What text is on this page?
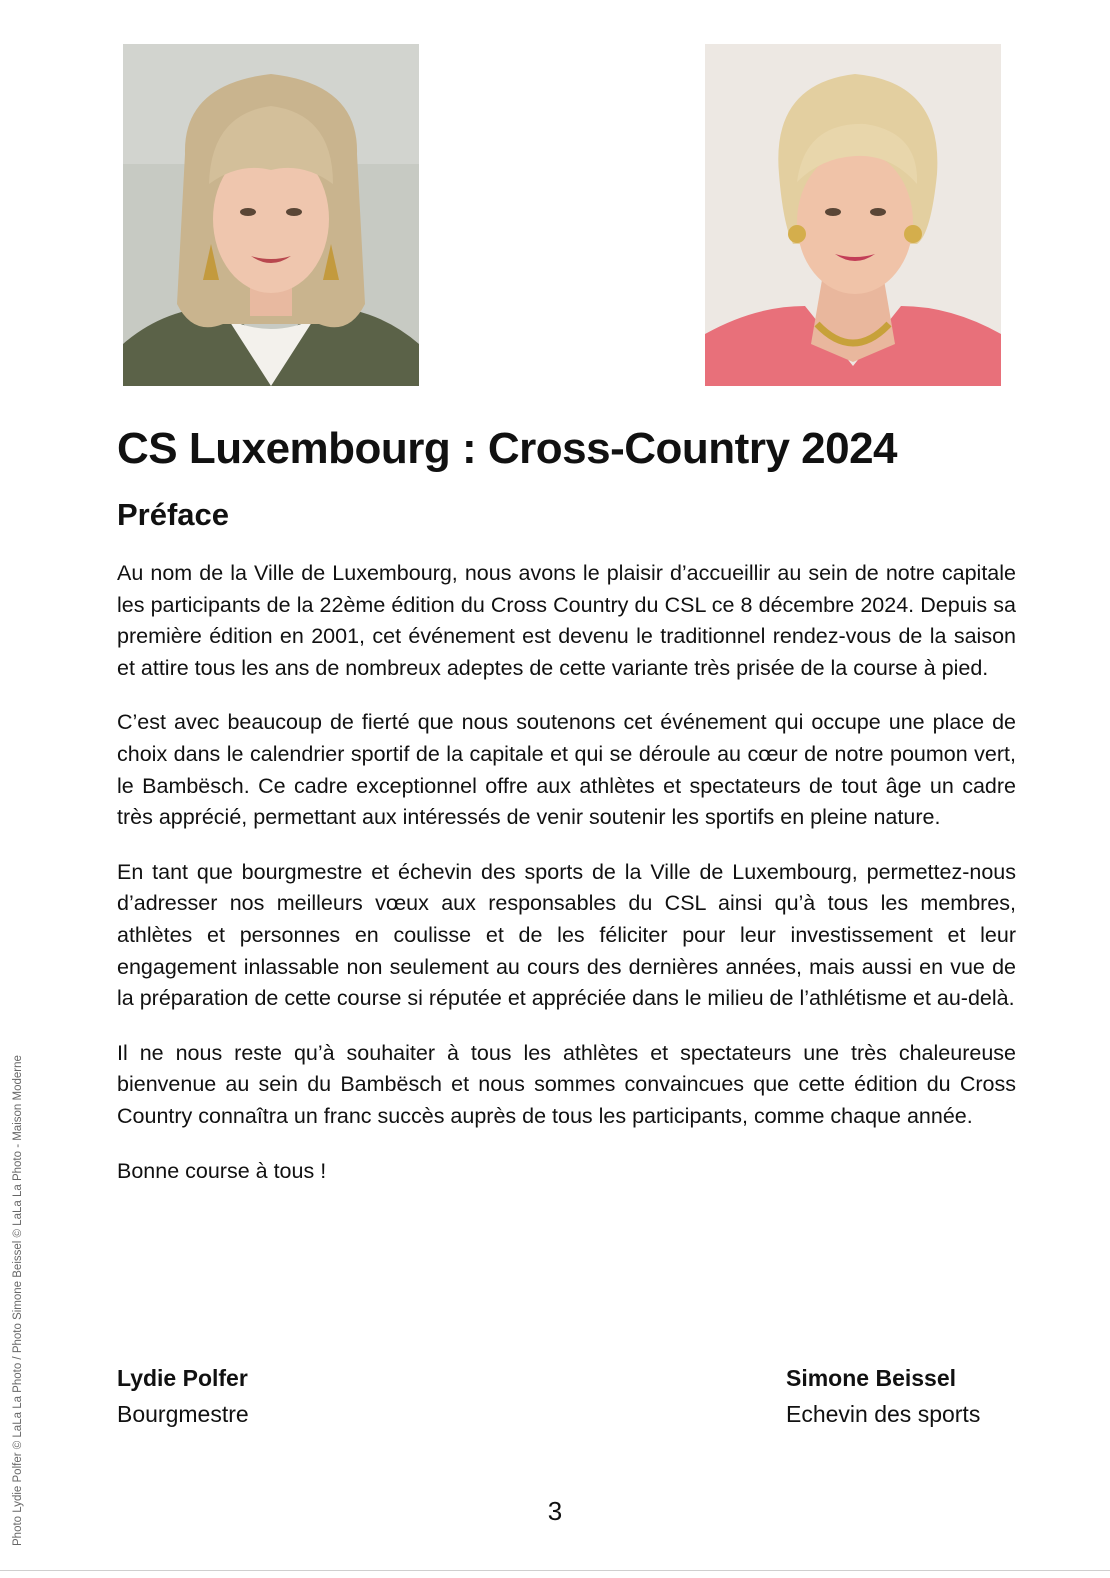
CS Luxembourg : Cross-Country 2024
Préface

Au nom de la Ville de Luxembourg, nous avons le plaisir d’accueillir au sein de notre capitale les participants de la 22ème édition du Cross Country du CSL ce 8 décembre 2024. Depuis sa première édition en 2001, cet événement est devenu le traditionnel rendez-vous de la saison et attire tous les ans de nombreux adeptes de cette variante très prisée de la course à pied.

C’est avec beaucoup de fierté que nous soutenons cet événement qui occupe une place de choix dans le calendrier sportif de la capitale et qui se déroule au cœur de notre poumon vert, le Bambësch. Ce cadre exceptionnel offre aux athlètes et spectateurs de tout âge un cadre très apprécié, permettant aux intéressés de venir soutenir les sportifs en pleine nature.

En tant que bourgmestre et échevin des sports de la Ville de Luxembourg, permettez-nous d’adresser nos meilleurs vœux aux responsables du CSL ainsi qu’à tous les membres, athlètes et personnes en coulisse et de les féliciter pour leur investissement et leur engagement inlassable non seulement au cours des dernières années, mais aussi en vue de la préparation de cette course si réputée et appréciée dans le milieu de l’athlétisme et au-delà.

Il ne nous reste qu’à souhaiter à tous les athlètes et spectateurs une très chaleureuse bienvenue au sein du Bambësch et nous sommes convaincues que cette édition du Cross Country connaîtra un franc succès auprès de tous les participants, comme chaque année.

Bonne course à tous !

Lydie Polfer
Bourgmestre
Simone Beissel
Echevin des sports
3
Photo Lydie Polfer © LaLa La Photo / Photo Simone Beissel © LaLa La Photo - Maison Moderne
